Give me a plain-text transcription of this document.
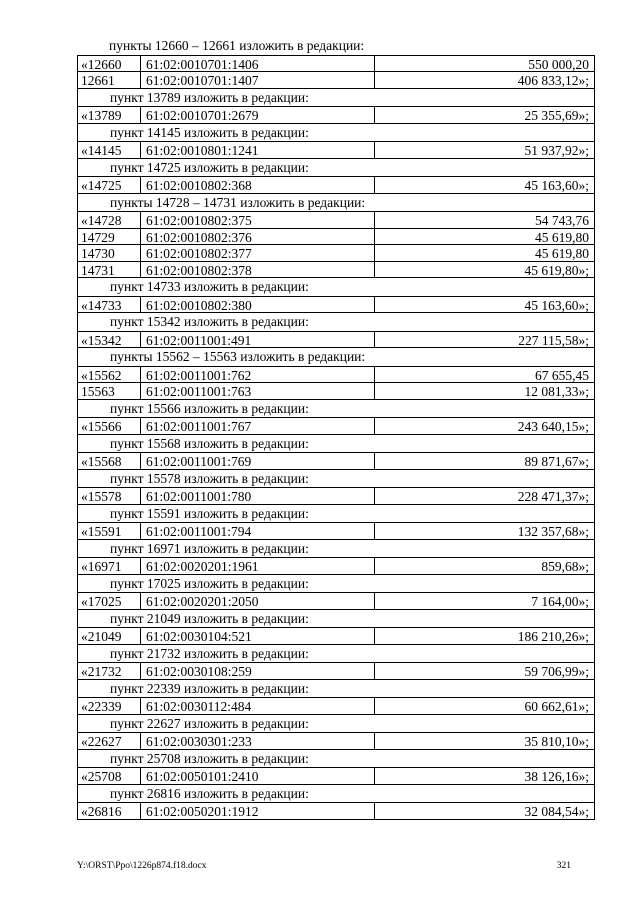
пункты 12660 – 12661 изложить в редакции:
«12660	61:02:0010701:1406	550 000,20
12661	61:02:0010701:1407	406 833,12»;
пункт 13789 изложить в редакции:
«13789	61:02:0010701:2679	25 355,69»;
пункт 14145 изложить в редакции:
«14145	61:02:0010801:1241	51 937,92»;
пункт 14725 изложить в редакции:
«14725	61:02:0010802:368	45 163,60»;
пункты 14728 – 14731 изложить в редакции:
«14728	61:02:0010802:375	54 743,76
14729	61:02:0010802:376	45 619,80
14730	61:02:0010802:377	45 619,80
14731	61:02:0010802:378	45 619,80»;
пункт 14733 изложить в редакции:
«14733	61:02:0010802:380	45 163,60»;
пункт 15342 изложить в редакции:
«15342	61:02:0011001:491	227 115,58»;
пункты 15562 – 15563 изложить в редакции:
«15562	61:02:0011001:762	67 655,45
15563	61:02:0011001:763	12 081,33»;
пункт 15566 изложить в редакции:
«15566	61:02:0011001:767	243 640,15»;
пункт 15568 изложить в редакции:
«15568	61:02:0011001:769	89 871,67»;
пункт 15578 изложить в редакции:
«15578	61:02:0011001:780	228 471,37»;
пункт 15591 изложить в редакции:
«15591	61:02:0011001:794	132 357,68»;
пункт 16971 изложить в редакции:
«16971	61:02:0020201:1961	859,68»;
пункт 17025 изложить в редакции:
«17025	61:02:0020201:2050	7 164,00»;
пункт 21049 изложить в редакции:
«21049	61:02:0030104:521	186 210,26»;
пункт 21732 изложить в редакции:
«21732	61:02:0030108:259	59 706,99»;
пункт 22339 изложить в редакции:
«22339	61:02:0030112:484	60 662,61»;
пункт 22627 изложить в редакции:
«22627	61:02:0030301:233	35 810,10»;
пункт 25708 изложить в редакции:
«25708	61:02:0050101:2410	38 126,16»;
пункт 26816 изложить в редакции:
«26816	61:02:0050201:1912	32 084,54»;
Y:\ORST\Ppo\1226p874.f18.docx	321
